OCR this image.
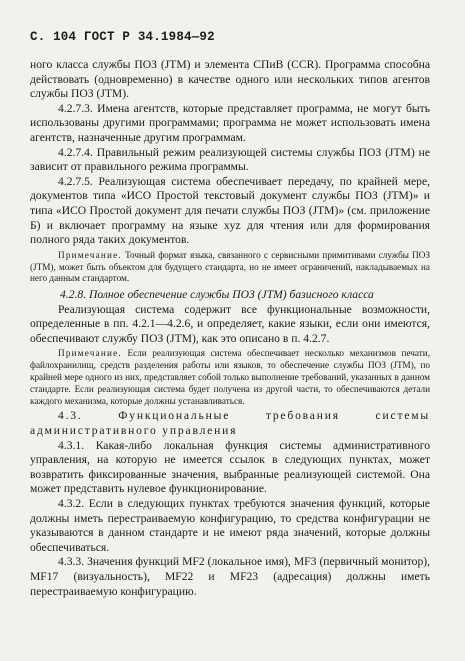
С. 104 ГОСТ Р 34.1984—92

ного класса службы ПОЗ (JTM) и элемента СПиВ (CCR). Программа способна действовать (одновременно) в качестве одного или нескольких типов агентов службы ПОЗ (JTM).

4.2.7.3. Имена агентств, которые представляет программа, не могут быть использованы другими программами; программа не может использовать имена агентств, назначенные другим программам.

4.2.7.4. Правильный режим реализующей системы службы ПОЗ (JTM) не зависит от правильного режима программы.

4.2.7.5. Реализующая система обеспечивает передачу, по крайней мере, документов типа «ИСО Простой текстовый документ службы ПОЗ (JTM)» и типа «ИСО Простой документ для печати службы ПОЗ (JTM)» (см. приложение Б) и включает программу на языке xyz для чтения или для формирования полного ряда таких документов.

Примечание. Точный формат языка, связанного с сервисными примитивами службы ПОЗ (JTM), может быть объектом для будущего стандарта, но не имеет ограничений, накладываемых на него данным стандартом.

4.2.8. Полное обеспечение службы ПОЗ (JTM) базисного класса

Реализующая система содержит все функциональные возможности, определенные в пп. 4.2.1—4.2.6, и определяет, какие языки, если они имеются, обеспечивают службу ПОЗ (JTM), как это описано в п. 4.2.7.

Примечание. Если реализующая система обеспечивает несколько механизмов печати, файлохранилищ, средств разделения работы или языков, то обеспечение службы ПОЗ (JTM), по крайней мере одного из них, представляет собой только выполнение требований, указанных в данном стандарте. Если реализующая система будет получена из другой части, то обеспечиваются детали каждого механизма, которые должны устанавливаться.

4.3. Функциональные требования системы административного управления

4.3.1. Какая-либо локальная функция системы административного управления, на которую не имеется ссылок в следующих пунктах, может возвратить фиксированные значения, выбранные реализующей системой. Она может представить нулевое функционирование.

4.3.2. Если в следующих пунктах требуются значения функций, которые должны иметь перестраиваемую конфигурацию, то средства конфигурации не указываются в данном стандарте и не имеют ряда значений, которые должны обеспечиваться.

4.3.3. Значения функций MF2 (локальное имя), MF3 (первичный монитор), MF17 (визуальность), MF22 и MF23 (адресация) должны иметь перестраиваемую конфигурацию.
